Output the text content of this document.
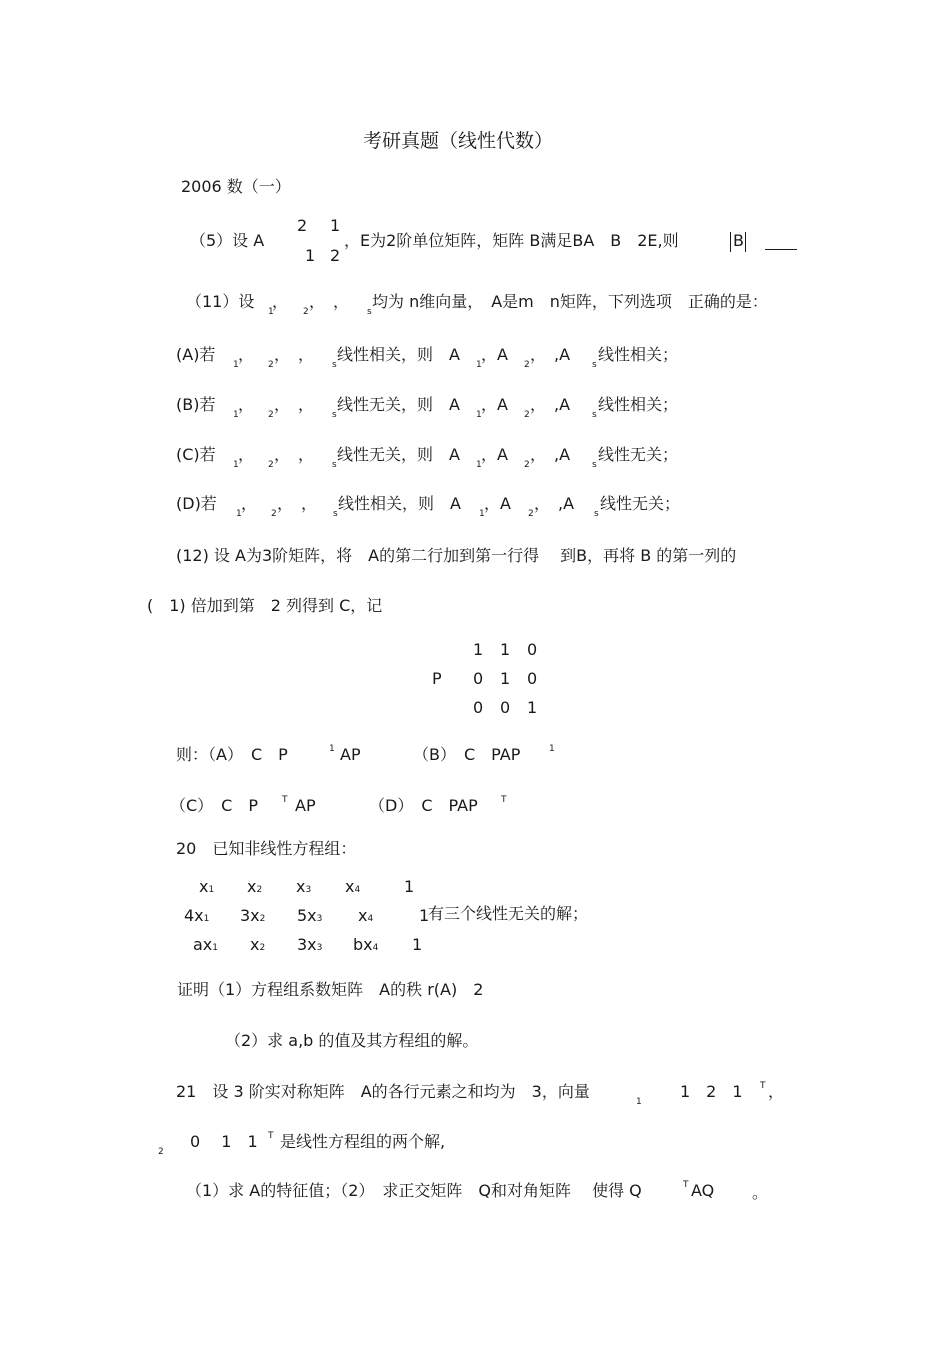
考研真题（线性代数）
2006 数（一）
（5）设 A
2 1
1 2
，E为2阶单位矩阵，矩阵 B满足BA　B　2E,则	B
（11）设
1
，
2
，　，
s
均为 n维向量，　A是m　n矩阵，下列选项　正确的是：
(A)若
1
，
2
，　，
s
线性相关，则　A
1
，A
2
，　,A
s
线性相关；
(B)若
1
，
2
，　，
s
线性无关，则　A
1
，A
2
，　,A
s
线性相关；
(C)若
1
，
2
，　，
s
线性无关，则　A
1
，A
2
，　,A
s
线性无关；
(D)若
1
，
2
，　，
s
线性相关，则　A
1
，A
2
，　,A
s
线性无关；
(12) 设 A为3阶矩阵，将　A的第二行加到第一行得　 到B，再将 B 的第一列的
(　1) 倍加到第　2 列得到 C，记
P
1 1 0
0 1 0
0 0 1
则：（A）　C　P	1 AP	（B）　C　PAP	1
（C）　C　P	T AP	（D）　C　PAP	T
20　已知非线性方程组：
x1 x2 x3 x4	1
4x1 3x2 5x3 x4	1
有三个线性无关的解；
ax1 x2 3x3 bx4 1
证明（1）方程组系数矩阵　A的秩 r(A)　2
（2）求 a,b 的值及其方程组的解。
21　设 3 阶实对称矩阵　A的各行元素之和均为　3，向量
1
1　2　1 T ，
2
0　 1　1 T 是线性方程组的两个解,
（1）求 A的特征值；（2）　求正交矩阵　Q和对角矩阵　 使得 Q	T AQ 。
